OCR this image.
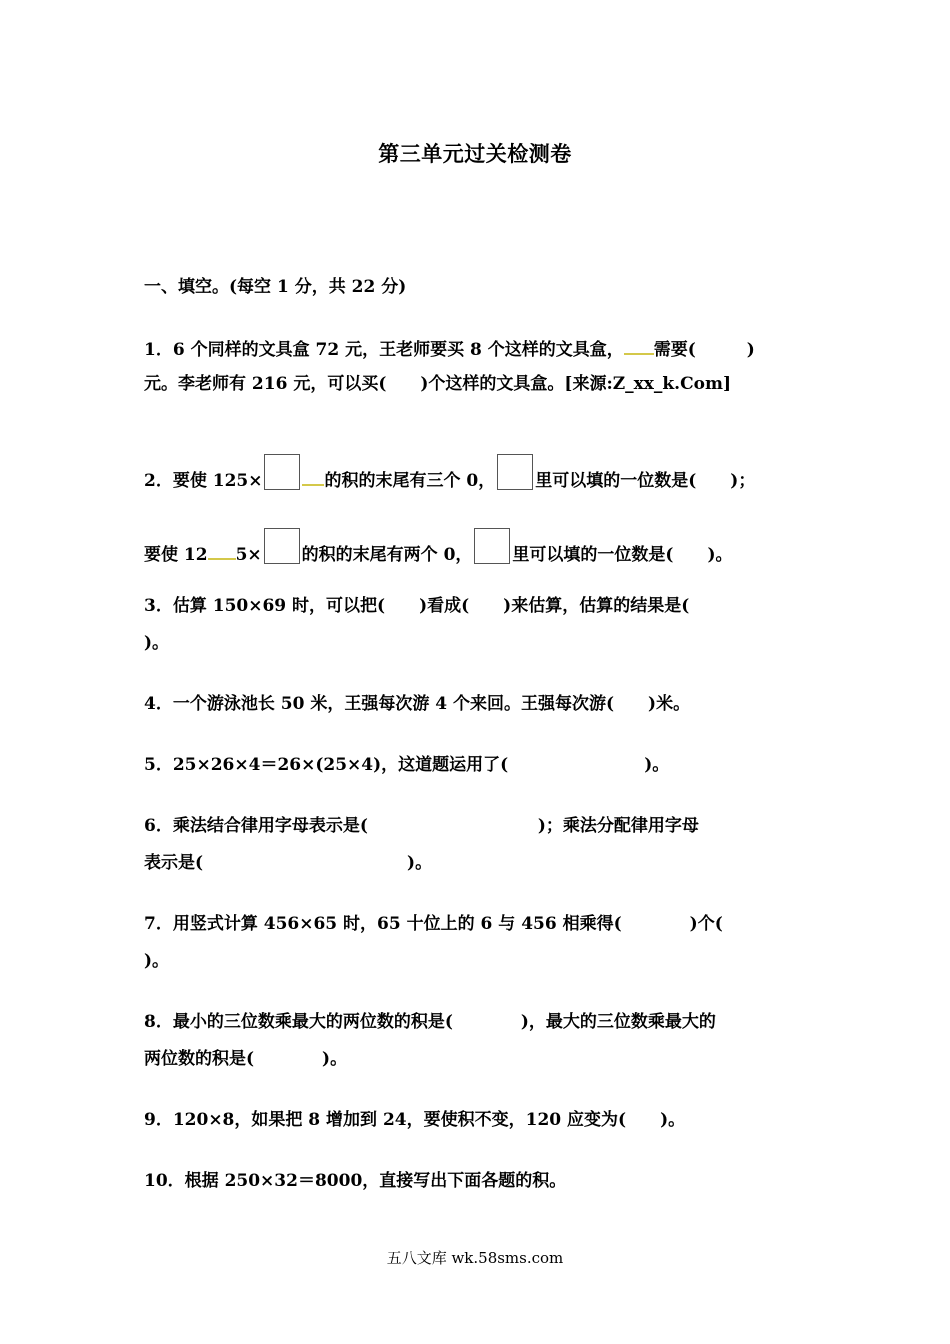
第三单元过关检测卷
一、填空。(每空 1 分，共 22 分)
1．6 个同样的文具盒 72 元，王老师要买 8 个这样的文具盒， 需要(　　　)
元。李老师有 216 元，可以买(　　)个这样的文具盒。[来源:Z_xx_k.Com]
2．要使 125×	的积的末尾有三个 0， 里可以填的一位数是(　　)；
要使 12 5× 的积的末尾有两个 0， 里可以填的一位数是(　　)。
3．估算 150×69 时，可以把(　　)看成(　　)来估算，估算的结果是(
)。
4．一个游泳池长 50 米，王强每次游 4 个来回。王强每次游(　　)米。
5．25×26×4＝26×(25×4)，这道题运用了(　　　　　　　　)。
6．乘法结合律用字母表示是(　　　　　　　　　　)；乘法分配律用字母
表示是(　　　　　　　　　　　　)。
7．用竖式计算 456×65 时，65 十位上的 6 与 456 相乘得(　　　　)个(
)。
8．最小的三位数乘最大的两位数的积是(　　　　)，最大的三位数乘最大的
两位数的积是(　　　　)。
9．120×8，如果把 8 增加到 24，要使积不变，120 应变为(　　)。
10．根据 250×32＝8000，直接写出下面各题的积。
五八文库 wk.58sms.com
